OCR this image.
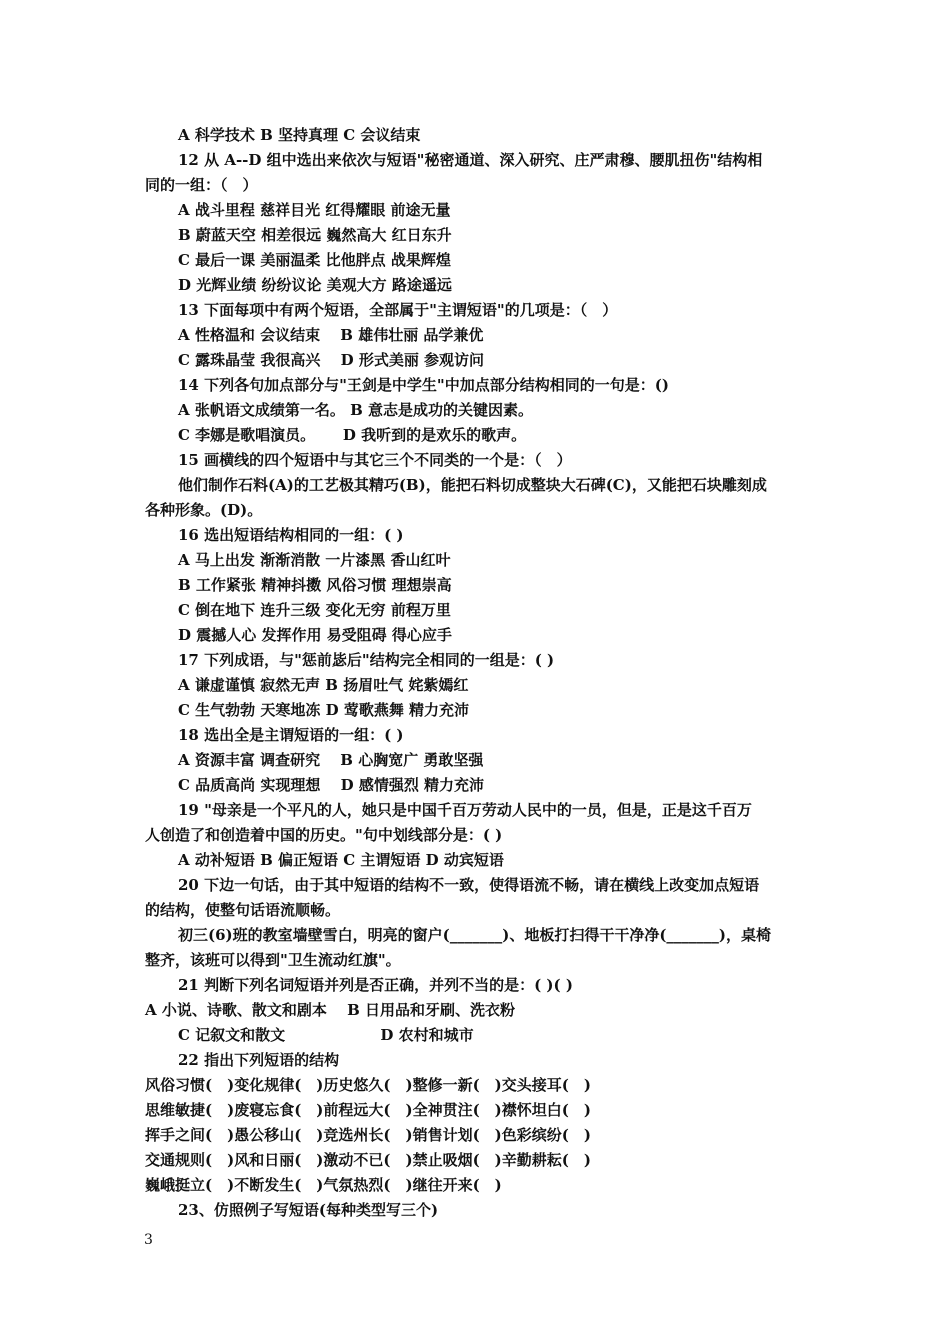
A 科学技术 B 坚持真理 C 会议结束
12 从 A--D 组中选出来依次与短语"秘密通道、深入研究、庄严肃穆、腰肌扭伤"结构相
同的一组：（　）
A 战斗里程 慈祥目光 红得耀眼 前途无量
B 蔚蓝天空 相差很远 巍然高大 红日东升
C 最后一课 美丽温柔 比他胖点 战果辉煌
D 光辉业绩 纷纷议论 美观大方 路途遥远
13 下面每项中有两个短语，全部属于"主谓短语"的几项是：（　）
A 性格温和 会议结束　 B 雄伟壮丽 品学兼优
C 露珠晶莹 我很高兴　 D 形式美丽 参观访问
14 下列各句加点部分与"王剑是中学生"中加点部分结构相同的一句是：()
A 张帆语文成绩第一名。 B 意志是成功的关键因素。
C 李娜是歌唱演员。　　 D 我听到的是欢乐的歌声。
15 画横线的四个短语中与其它三个不同类的一个是：（　）
他们制作石料(A)的工艺极其精巧(B)，能把石料切成整块大石碑(C)，又能把石块雕刻成
各种形象。(D)。
16 选出短语结构相同的一组：( )
A 马上出发 渐渐消散 一片漆黑 香山红叶
B 工作紧张 精神抖擞 风俗习惯 理想崇高
C 倒在地下 连升三级 变化无穷 前程万里
D 震撼人心 发挥作用 易受阻碍 得心应手
17 下列成语，与"惩前毖后"结构完全相同的一组是：( )
A 谦虚谨慎 寂然无声 B 扬眉吐气 姹紫嫣红
C 生气勃勃 天寒地冻 D 莺歌燕舞 精力充沛
18 选出全是主谓短语的一组：( )
A 资源丰富 调查研究　 B 心胸宽广 勇敢坚强
C 品质高尚 实现理想　 D 感情强烈 精力充沛
19 "母亲是一个平凡的人，她只是中国千百万劳动人民中的一员，但是，正是这千百万
人创造了和创造着中国的历史。"句中划线部分是：( )
A 动补短语 B 偏正短语 C 主谓短语 D 动宾短语
20 下边一句话，由于其中短语的结构不一致，使得语流不畅，请在横线上改变加点短语
的结构，使整句话语流顺畅。
初三(6)班的教室墙壁雪白，明亮的窗户(_______)、地板打扫得干干净净(_______)，桌椅
整齐，该班可以得到"卫生流动红旗"。
21 判断下列名词短语并列是否正确，并列不当的是：( )( )
A 小说、诗歌、散文和剧本　 B 日用品和牙刷、洗衣粉
C 记叙文和散文　　　　　　 D 农村和城市
22 指出下列短语的结构
风俗习惯(　)变化规律(　)历史悠久(　)整修一新(　)交头接耳(　)
思维敏捷(　)废寝忘食(　)前程远大(　)全神贯注(　)襟怀坦白(　)
挥手之间(　)愚公移山(　)竞选州长(　)销售计划(　)色彩缤纷(　)
交通规则(　)风和日丽(　)激动不已(　)禁止吸烟(　)辛勤耕耘(　)
巍峨挺立(　)不断发生(　)气氛热烈(　)继往开来(　)
23、仿照例子写短语(每种类型写三个)
3
